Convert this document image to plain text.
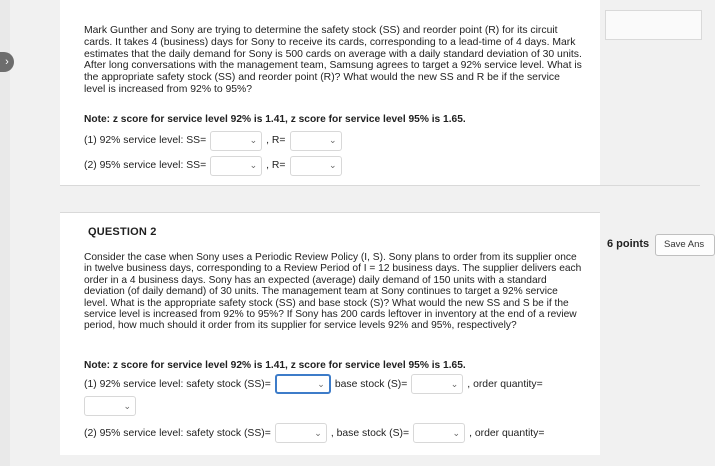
›
Mark Gunther and Sony are trying to determine the safety stock (SS) and reorder point (R) for its circuit cards. It takes 4 (business) days for Sony to receive its cards, corresponding to a lead-time of 4 days. Mark estimates that the daily demand for Sony is 500 cards on average with a daily standard deviation of 30 units. After long conversations with the management team, Samsung agrees to target a 92% service level. What is the appropriate safety stock (SS) and reorder point (R)? What would the new SS and R be if the service level is increased from 92% to 95%?
Note: z score for service level 92% is 1.41, z score for service level 95% is 1.65.
(1) 92% service level: SS=	⌄ , R=	⌄
(2) 95% service level: SS=	⌄ , R=	⌄
QUESTION 2
Consider the case when Sony uses a Periodic Review Policy (I, S). Sony plans to order from its supplier once in twelve business days, corresponding to a Review Period of I = 12 business days. The supplier delivers each order in a 4 business days. Sony has an expected (average) daily demand of 150 units with a standard deviation (of daily demand) of 30 units. The management team at Sony continues to target a 92% service level. What is the appropriate safety stock (SS) and base stock (S)? What would the new SS and S be if the service level is increased from 92% to 95%? If Sony has 200 cards leftover in inventory at the end of a review period, how much should it order from its supplier for service levels 92% and 95%, respectively?
Note: z score for service level 92% is 1.41, z score for service level 95% is 1.65.
(1) 92% service level: safety stock (SS)=	⌄ base stock (S)=	⌄ , order quantity=
⌄
(2) 95% service level: safety stock (SS)=	⌄ , base stock (S)=	⌄ , order quantity=
6 points	Save Ans
